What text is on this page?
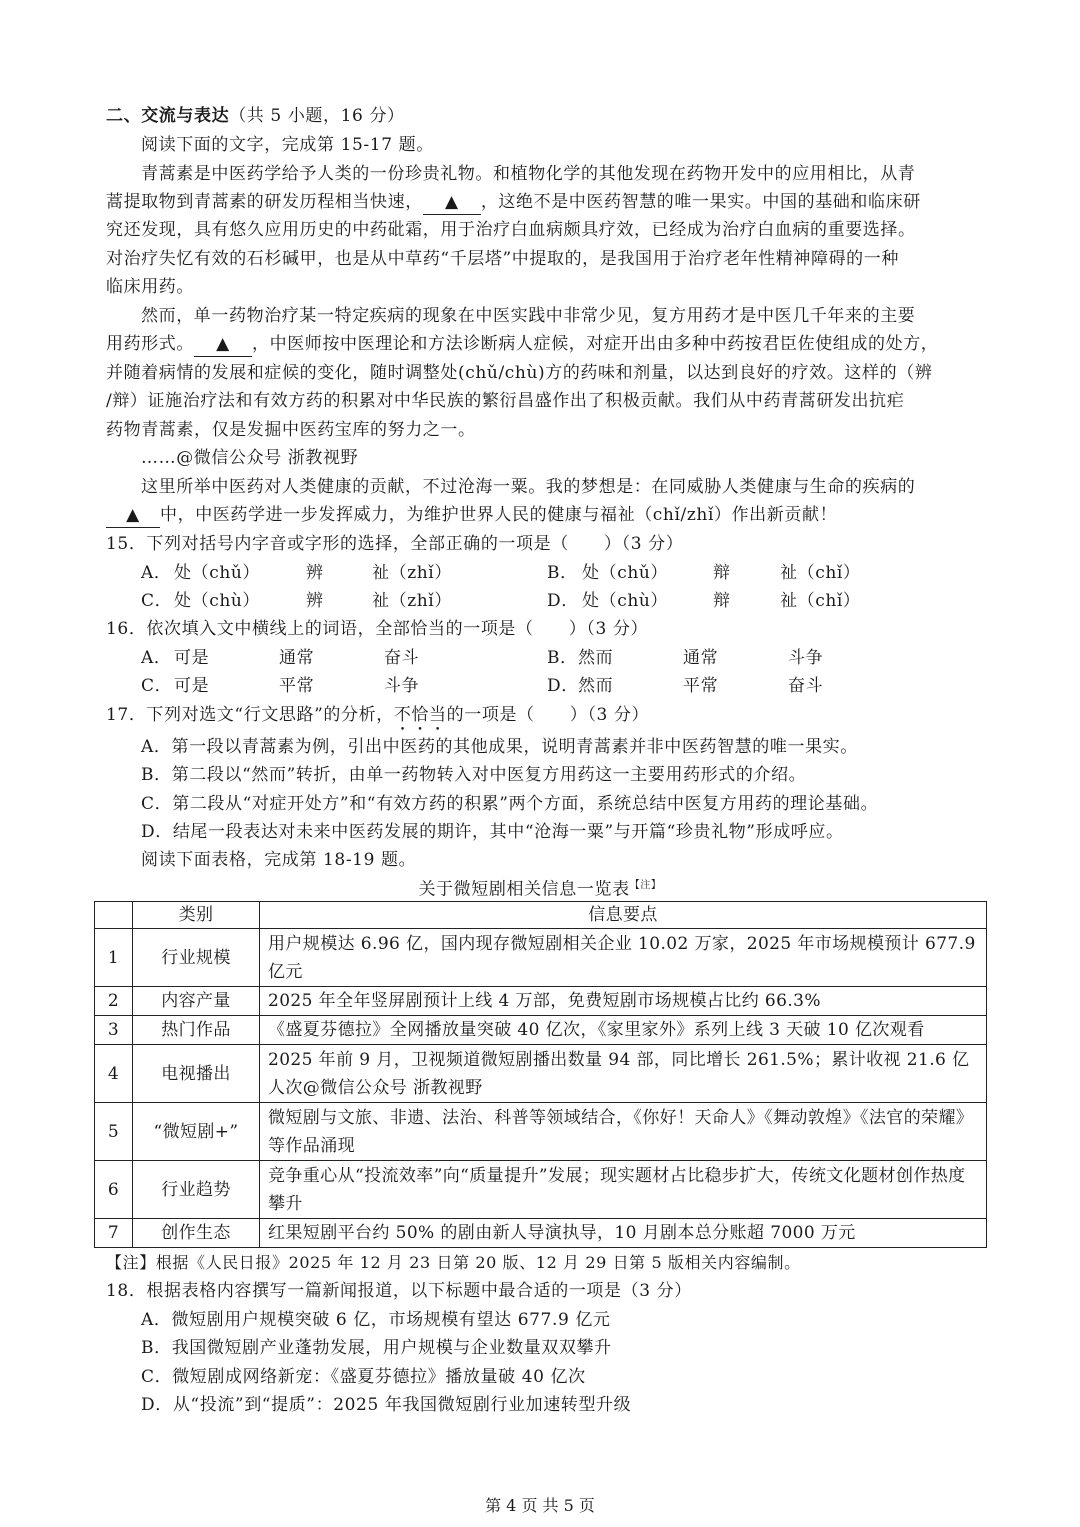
二、交流与表达（共 5 小题，16 分）
阅读下面的文字，完成第 15-17 题。
青蒿素是中医药学给予人类的一份珍贵礼物。和植物化学的其他发现在药物开发中的应用相比，从青
蒿提取物到青蒿素的研发历程相当快速， ▲ ，这绝不是中医药智慧的唯一果实。中国的基础和临床研
究还发现，具有悠久应用历史的中药砒霜，用于治疗白血病颇具疗效，已经成为治疗白血病的重要选择。
对治疗失忆有效的石杉碱甲，也是从中草药“千层塔”中提取的，是我国用于治疗老年性精神障碍的一种
临床用药。
然而，单一药物治疗某一特定疾病的现象在中医实践中非常少见，复方用药才是中医几千年来的主要
用药形式。 ▲ ，中医师按中医理论和方法诊断病人症候，对症开出由多种中药按君臣佐使组成的处方，
并随着病情的发展和症候的变化，随时调整处(chǔ/chù)方的药味和剂量，以达到良好的疗效。这样的（辨
/辩）证施治疗法和有效方药的积累对中华民族的繁衍昌盛作出了积极贡献。我们从中药青蒿研发出抗疟
药物青蒿素，仅是发掘中医药宝库的努力之一。
……@微信公众号 浙教视野
这里所举中医药对人类健康的贡献，不过沧海一粟。我的梦想是：在同威胁人类健康与生命的疾病的
▲ 中，中医药学进一步发挥威力，为维护世界人民的健康与福祉（chǐ/zhǐ）作出新贡献！
15．下列对括号内字音或字形的选择，全部正确的一项是（　　）（3 分）
A． 处（chǔ）	辨	祉（zhǐ）	B． 处（chǔ）	辩	祉（chǐ）
C． 处（chù）	辨	祉（zhǐ）	D． 处（chù）	辩	祉（chǐ）
16．依次填入文中横线上的词语，全部恰当的一项是（　　）（3 分）
A． 可是	通常	奋斗	B． 然而	通常	斗争
C． 可是	平常	斗争	D． 然而	平常	奋斗
17．下列对选文“行文思路”的分析，不恰当的一项是（　　）（3 分）
A．第一段以青蒿素为例，引出中医药的其他成果，说明青蒿素并非中医药智慧的唯一果实。
B．第二段以“然而”转折，由单一药物转入对中医复方用药这一主要用药形式的介绍。
C．第二段从“对症开处方”和“有效方药的积累”两个方面，系统总结中医复方用药的理论基础。
D．结尾一段表达对未来中医药发展的期许，其中“沧海一粟”与开篇“珍贵礼物”形成呼应。
阅读下面表格，完成第 18-19 题。
关于微短剧相关信息一览表$^{【注】}$
	类别	信息要点
1	行业规模	用户规模达 6.96 亿，国内现存微短剧相关企业 10.02 万家，2025 年市场规模预计 677.9 亿元
2	内容产量	2025 年全年竖屏剧预计上线 4 万部，免费短剧市场规模占比约 66.3%
3	热门作品	《盛夏芬德拉》全网播放量突破 40 亿次，《家里家外》系列上线 3 天破 10 亿次观看
4	电视播出	2025 年前 9 月，卫视频道微短剧播出数量 94 部，同比增长 261.5%；累计收视 21.6 亿人次@微信公众号 浙教视野
5	“微短剧+”	微短剧与文旅、非遗、法治、科普等领域结合，《你好！天命人》《舞动敦煌》《法官的荣耀》等作品涌现
6	行业趋势	竞争重心从“投流效率”向“质量提升”发展；现实题材占比稳步扩大，传统文化题材创作热度攀升
7	创作生态	红果短剧平台约 50% 的剧由新人导演执导，10 月剧本总分账超 7000 万元
【注】根据《人民日报》2025 年 12 月 23 日第 20 版、12 月 29 日第 5 版相关内容编制。
18．根据表格内容撰写一篇新闻报道，以下标题中最合适的一项是（3 分）
A．微短剧用户规模突破 6 亿，市场规模有望达 677.9 亿元
B．我国微短剧产业蓬勃发展，用户规模与企业数量双双攀升
C．微短剧成网络新宠：《盛夏芬德拉》播放量破 40 亿次
D．从“投流”到“提质”：2025 年我国微短剧行业加速转型升级
第 4 页 共 5 页
